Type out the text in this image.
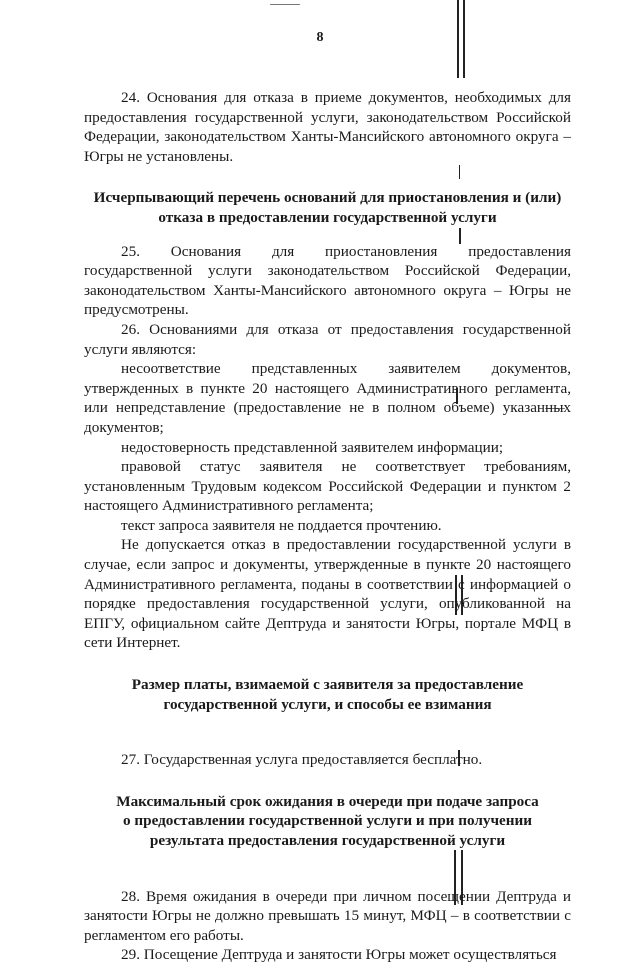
8

24. Основания для отказа в приеме документов, необходимых для предоставления государственной услуги, законодательством Российской Федерации, законодательством Ханты-Мансийского автономного округа – Югры не установлены.

Исчерпывающий перечень оснований для приостановления и (или)
отказа в предоставлении государственной услуги

25. Основания для приостановления предоставления государственной услуги законодательством Российской Федерации, законодательством Ханты-Мансийского автономного округа – Югры не предусмотрены.

26. Основаниями для отказа от предоставления государственной услуги являются:

несоответствие представленных заявителем документов, утвержденных в пункте 20 настоящего Административного регламента, или непредставление (предоставление не в полном объеме) указанных документов;

недостоверность представленной заявителем информации;

правовой статус заявителя не соответствует требованиям, установленным Трудовым кодексом Российской Федерации и пунктом 2 настоящего Административного регламента;

текст запроса заявителя не поддается прочтению.

Не допускается отказ в предоставлении государственной услуги в случае, если запрос и документы, утвержденные в пункте 20 настоящего Административного регламента, поданы в соответствии с информацией о порядке предоставления государственной услуги, опубликованной на ЕПГУ, официальном сайте Дептруда и занятости Югры, портале МФЦ в сети Интернет.

Размер платы, взимаемой с заявителя за предоставление
государственной услуги, и способы ее взимания

27. Государственная услуга предоставляется бесплатно.

Максимальный срок ожидания в очереди при подаче запроса
о предоставлении государственной услуги и при получении
результата предоставления государственной услуги

28. Время ожидания в очереди при личном посещении Дептруда и занятости Югры не должно превышать 15 минут, МФЦ – в соответствии с регламентом его работы.

29. Посещение Дептруда и занятости Югры может осуществляться
